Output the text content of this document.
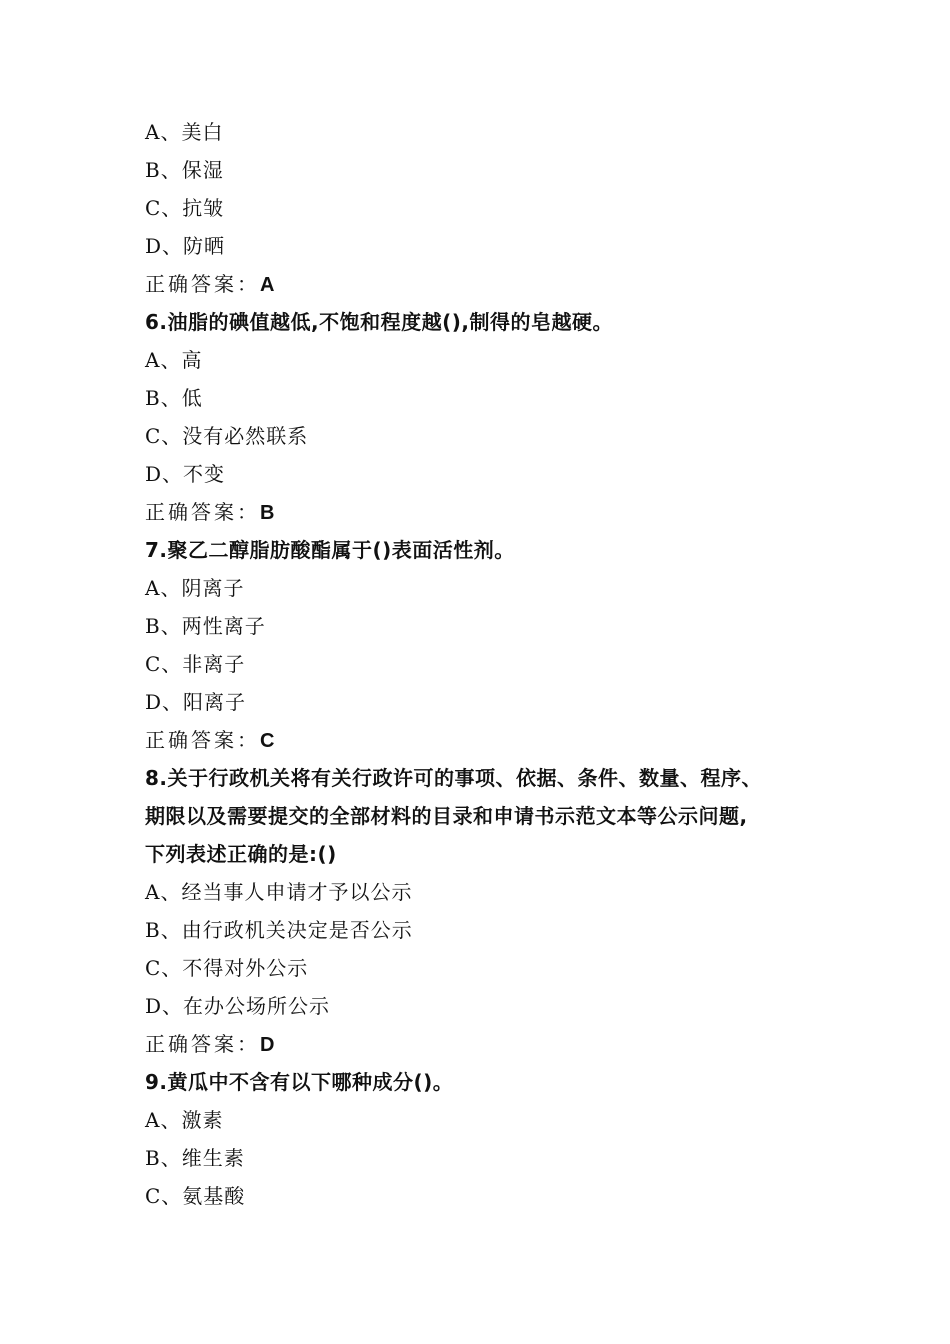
A、美白
B、保湿
C、抗皱
D、防晒
正确答案：A
6.油脂的碘值越低,不饱和程度越(),制得的皂越硬。
A、高
B、低
C、没有必然联系
D、不变
正确答案：B
7.聚乙二醇脂肪酸酯属于()表面活性剂。
A、阴离子
B、两性离子
C、非离子
D、阳离子
正确答案：C
8.关于行政机关将有关行政许可的事项、依据、条件、数量、程序、
期限以及需要提交的全部材料的目录和申请书示范文本等公示问题,
下列表述正确的是:()
A、经当事人申请才予以公示
B、由行政机关决定是否公示
C、不得对外公示
D、在办公场所公示
正确答案：D
9.黄瓜中不含有以下哪种成分()。
A、激素
B、维生素
C、氨基酸
